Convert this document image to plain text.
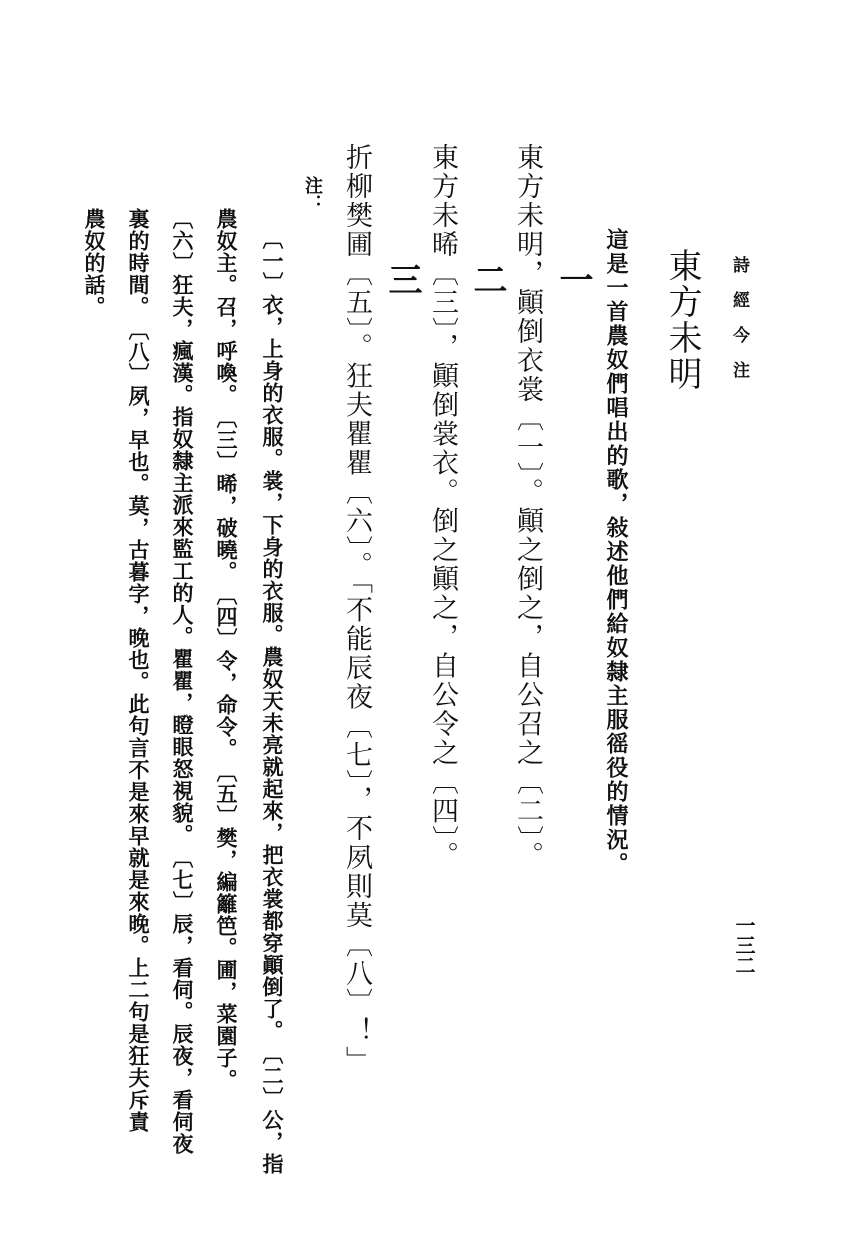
詩經今注
一三二
東方未明
這是一首農奴們唱出的歌，敍述他們給奴隸主服徭役的情況。
一
東方未明，顚倒衣裳〔一〕。顚之倒之，自公召之〔二〕。
二
東方未晞〔三〕，顚倒裳衣。倒之顚之，自公令之〔四〕。
三
折柳樊圃〔五〕。狂夫瞿瞿〔六〕。「不能辰夜〔七〕，不夙則莫〔八〕！」
注：
〔一〕衣，上身的衣服。裳，下身的衣服。農奴天未亮就起來，把衣裳都穿顚倒了。　〔二〕公，指
農奴主。召，呼喚。　〔三〕晞，破曉。　〔四〕令，命令。　〔五〕樊，編籬笆。圃，菜園子。
〔六〕狂夫，瘋漢。指奴隸主派來監工的人。瞿瞿，瞪眼怒視貌。　〔七〕辰，看伺。辰夜，看伺夜
裏的時間。　〔八〕夙，早也。莫，古暮字，晚也。此句言不是來早就是來晚。上二句是狂夫斥責
農奴的話。
